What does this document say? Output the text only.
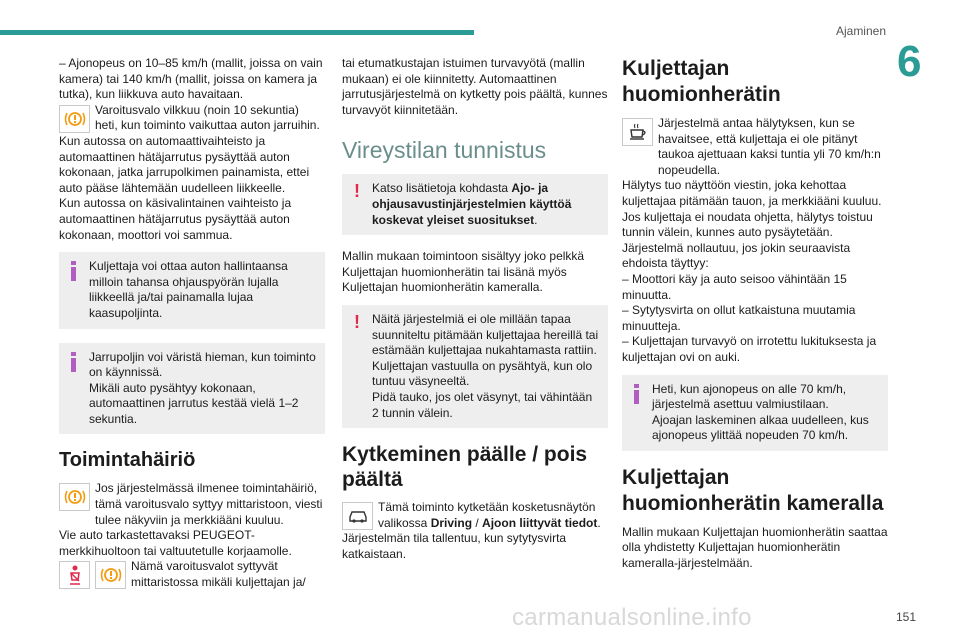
Ajaminen
6
– Ajonopeus on 10–85 km/h (mallit, joissa on vain kamera) tai 140 km/h (mallit, joissa on kamera ja tutka), kun liikkuva auto havaitaan.
Varoitusvalo vilkkuu (noin 10 sekuntia)
heti, kun toiminto vaikuttaa auton jarruihin.
Kun autossa on automaattivaihteisto ja automaattinen hätäjarrutus pysäyttää auton kokonaan, jatka jarrupolkimen painamista, ettei auto pääse lähtemään uudelleen liikkeelle.
Kun autossa on käsivalintainen vaihteisto ja automaattinen hätäjarrutus pysäyttää auton kokonaan, moottori voi sammua.
Kuljettaja voi ottaa auton hallintaansa milloin tahansa ohjauspyörän lujalla liikkeellä ja/tai painamalla lujaa kaasupoljinta.
Jarrupoljin voi väristä hieman, kun toiminto on käynnissä.
Mikäli auto pysähtyy kokonaan, automaattinen jarrutus kestää vielä 1–2 sekuntia.
Toimintahäiriö
Jos järjestelmässä ilmenee toimintahäiriö, tämä varoitusvalo syttyy mittaristoon, viesti tulee näkyviin ja merkkiääni kuuluu.
Vie auto tarkastettavaksi PEUGEOT-merkkihuoltoon tai valtuutetulle korjaamolle.
Nämä varoitusvalot syttyvät mittaristossa mikäli kuljettajan ja/
tai etumatkustajan istuimen turvavyötä (mallin mukaan) ei ole kiinnitetty. Automaattinen jarrutusjärjestelmä on kytketty pois päältä, kunnes turvavyöt kiinnitetään.
Vireystilan tunnistus
! Katso lisätietoja kohdasta Ajo- ja ohjausavustinjärjestelmien käyttöä koskevat yleiset suositukset.
Mallin mukaan toimintoon sisältyy joko pelkkä Kuljettajan huomionherätin tai lisänä myös Kuljettajan huomionherätin kameralla.
! Näitä järjestelmiä ei ole millään tapaa suunniteltu pitämään kuljettajaa hereillä tai estämään kuljettajaa nukahtamasta rattiin. Kuljettajan vastuulla on pysähtyä, kun olo tuntuu väsyneeltä.
Pidä tauko, jos olet väsynyt, tai vähintään 2 tunnin välein.
Kytkeminen päälle / pois päältä
Tämä toiminto kytketään kosketusnäytön valikossa Driving / Ajoon liittyvät tiedot.
Järjestelmän tila tallentuu, kun sytytysvirta katkaistaan.
Kuljettajan huomionherätin
Järjestelmä antaa hälytyksen, kun se havaitsee, että kuljettaja ei ole pitänyt taukoa ajettuaan kaksi tuntia yli 70 km/h:n nopeudella.
Hälytys tuo näyttöön viestin, joka kehottaa kuljettajaa pitämään tauon, ja merkkiääni kuuluu.
Jos kuljettaja ei noudata ohjetta, hälytys toistuu tunnin välein, kunnes auto pysäytetään.
Järjestelmä nollautuu, jos jokin seuraavista ehdoista täyttyy:
– Moottori käy ja auto seisoo vähintään 15 minuutta.
– Sytytysvirta on ollut katkaistuna muutamia minuutteja.
– Kuljettajan turvavyö on irrotettu lukituksesta ja kuljettajan ovi on auki.
Heti, kun ajonopeus on alle 70 km/h, järjestelmä asettuu valmiustilaan.
Ajoajan laskeminen alkaa uudelleen, kus ajonopeus ylittää nopeuden 70 km/h.
Kuljettajan huomionherätin kameralla
Mallin mukaan Kuljettajan huomionherätin saattaa olla yhdistetty Kuljettajan huomionherätin kameralla-järjestelmään.
carmanualsonline.info	151
